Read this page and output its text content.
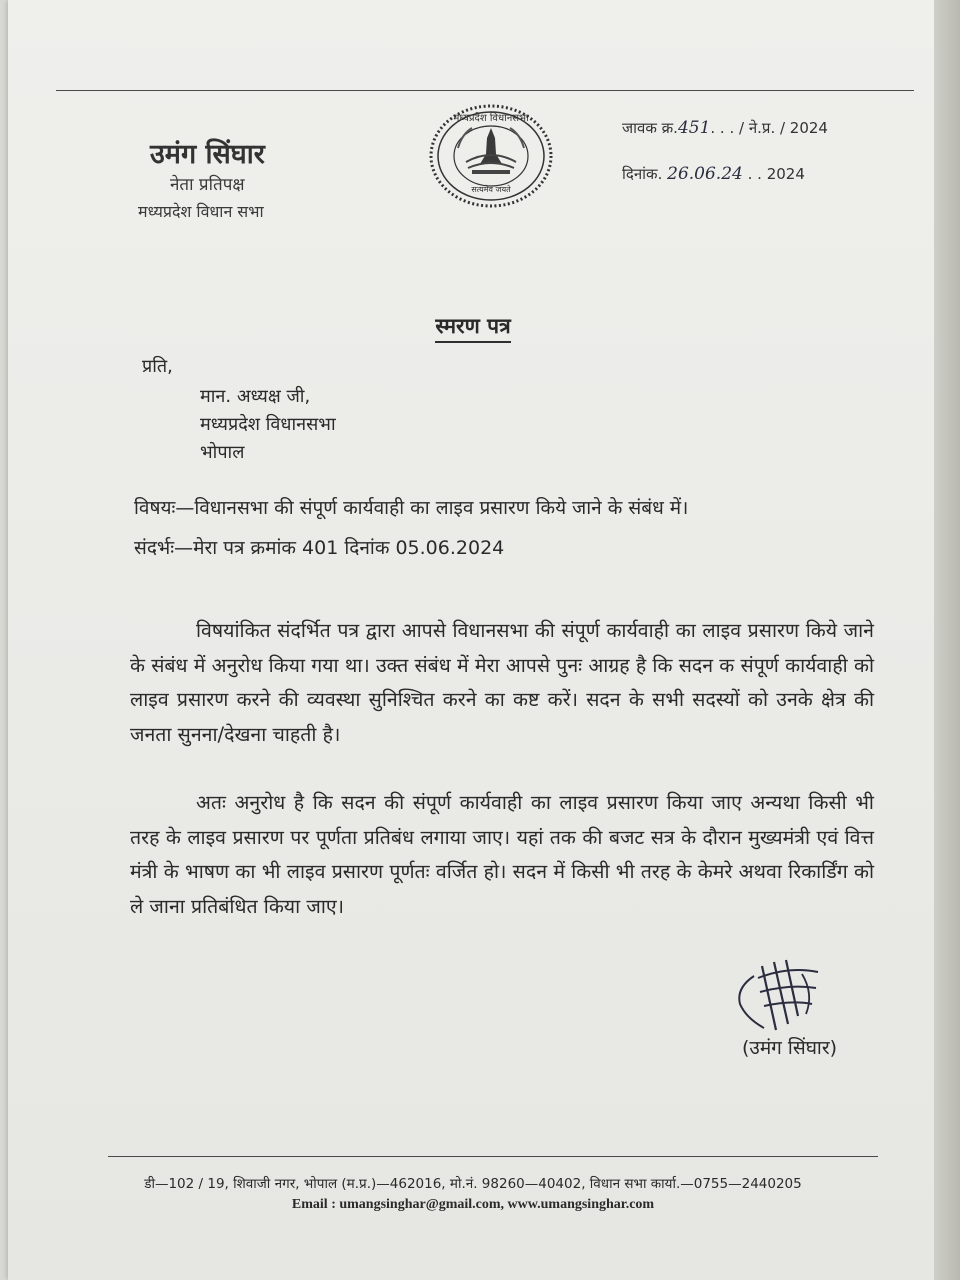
उमंग सिंघार
नेता प्रतिपक्ष
मध्यप्रदेश विधान सभा
मध्यप्रदेश विधानसभा
सत्यमेव जयते
जावक क्र.451. . . / ने.प्र. / 2024
दिनांक. 26.06.24 . . 2024
स्मरण पत्र
प्रति,
मान. अध्यक्ष जी,
मध्यप्रदेश विधानसभा
भोपाल
विषयः—विधानसभा की संपूर्ण कार्यवाही का लाइव प्रसारण किये जाने के संबंध में।
संदर्भः—मेरा पत्र क्रमांक 401 दिनांक 05.06.2024

विषयांकित संदर्भित पत्र द्वारा आपसे विधानसभा की संपूर्ण कार्यवाही का लाइव प्रसारण किये जाने के संबंध में अनुरोध किया गया था। उक्त संबंध में मेरा आपसे पुनः आग्रह है कि सदन क संपूर्ण कार्यवाही को लाइव प्रसारण करने की व्यवस्था सुनिश्चित करने का कष्ट करें। सदन के सभी सदस्यों को उनके क्षेत्र की जनता सुनना/देखना चाहती है।

अतः अनुरोध है कि सदन की संपूर्ण कार्यवाही का लाइव प्रसारण किया जाए अन्यथा किसी भी तरह के लाइव प्रसारण पर पूर्णता प्रतिबंध लगाया जाए। यहां तक की बजट सत्र के दौरान मुख्यमंत्री एवं वित्त मंत्री के भाषण का भी लाइव प्रसारण पूर्णतः वर्जित हो। सदन में किसी भी तरह के केमरे अथवा रिकार्डिंग को ले जाना प्रतिबंधित किया जाए।

(उमंग सिंघार)
डी—102 / 19, शिवाजी नगर, भोपाल (म.प्र.)—462016, मो.नं. 98260—40402, विधान सभा कार्या.—0755—2440205
Email : umangsinghar@gmail.com, www.umangsinghar.com
